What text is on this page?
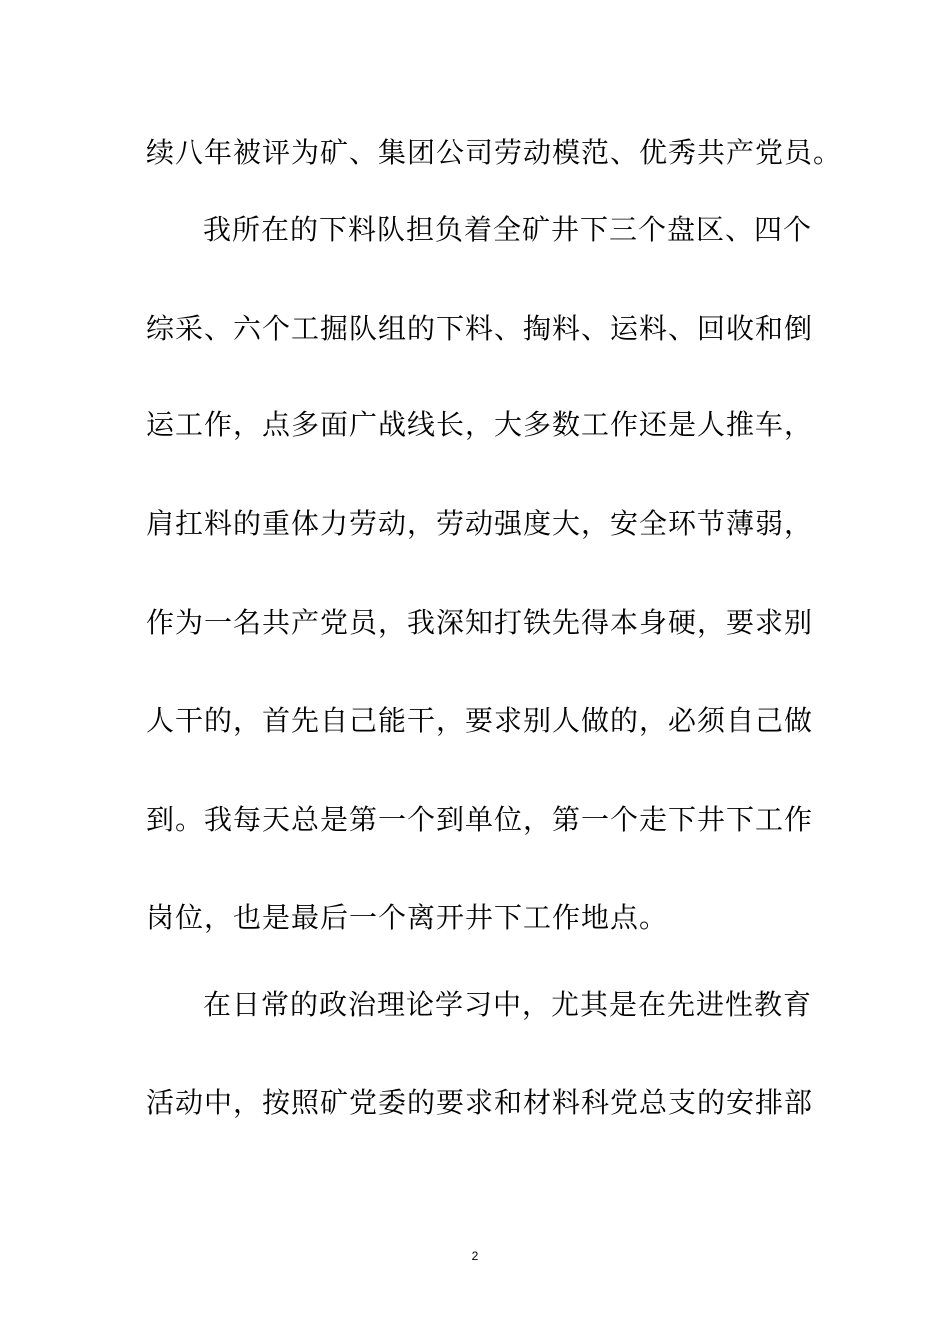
续八年被评为矿、集团公司劳动模范、优秀共产党员。
我所在的下料队担负着全矿井下三个盘区、四个
综采、六个工掘队组的下料、掏料、运料、回收和倒
运工作，点多面广战线长，大多数工作还是人推车，
肩扛料的重体力劳动，劳动强度大，安全环节薄弱，
作为一名共产党员，我深知打铁先得本身硬，要求别
人干的，首先自己能干，要求别人做的，必须自己做
到。我每天总是第一个到单位，第一个走下井下工作
岗位，也是最后一个离开井下工作地点。
在日常的政治理论学习中，尤其是在先进性教育
活动中，按照矿党委的要求和材料科党总支的安排部
2
